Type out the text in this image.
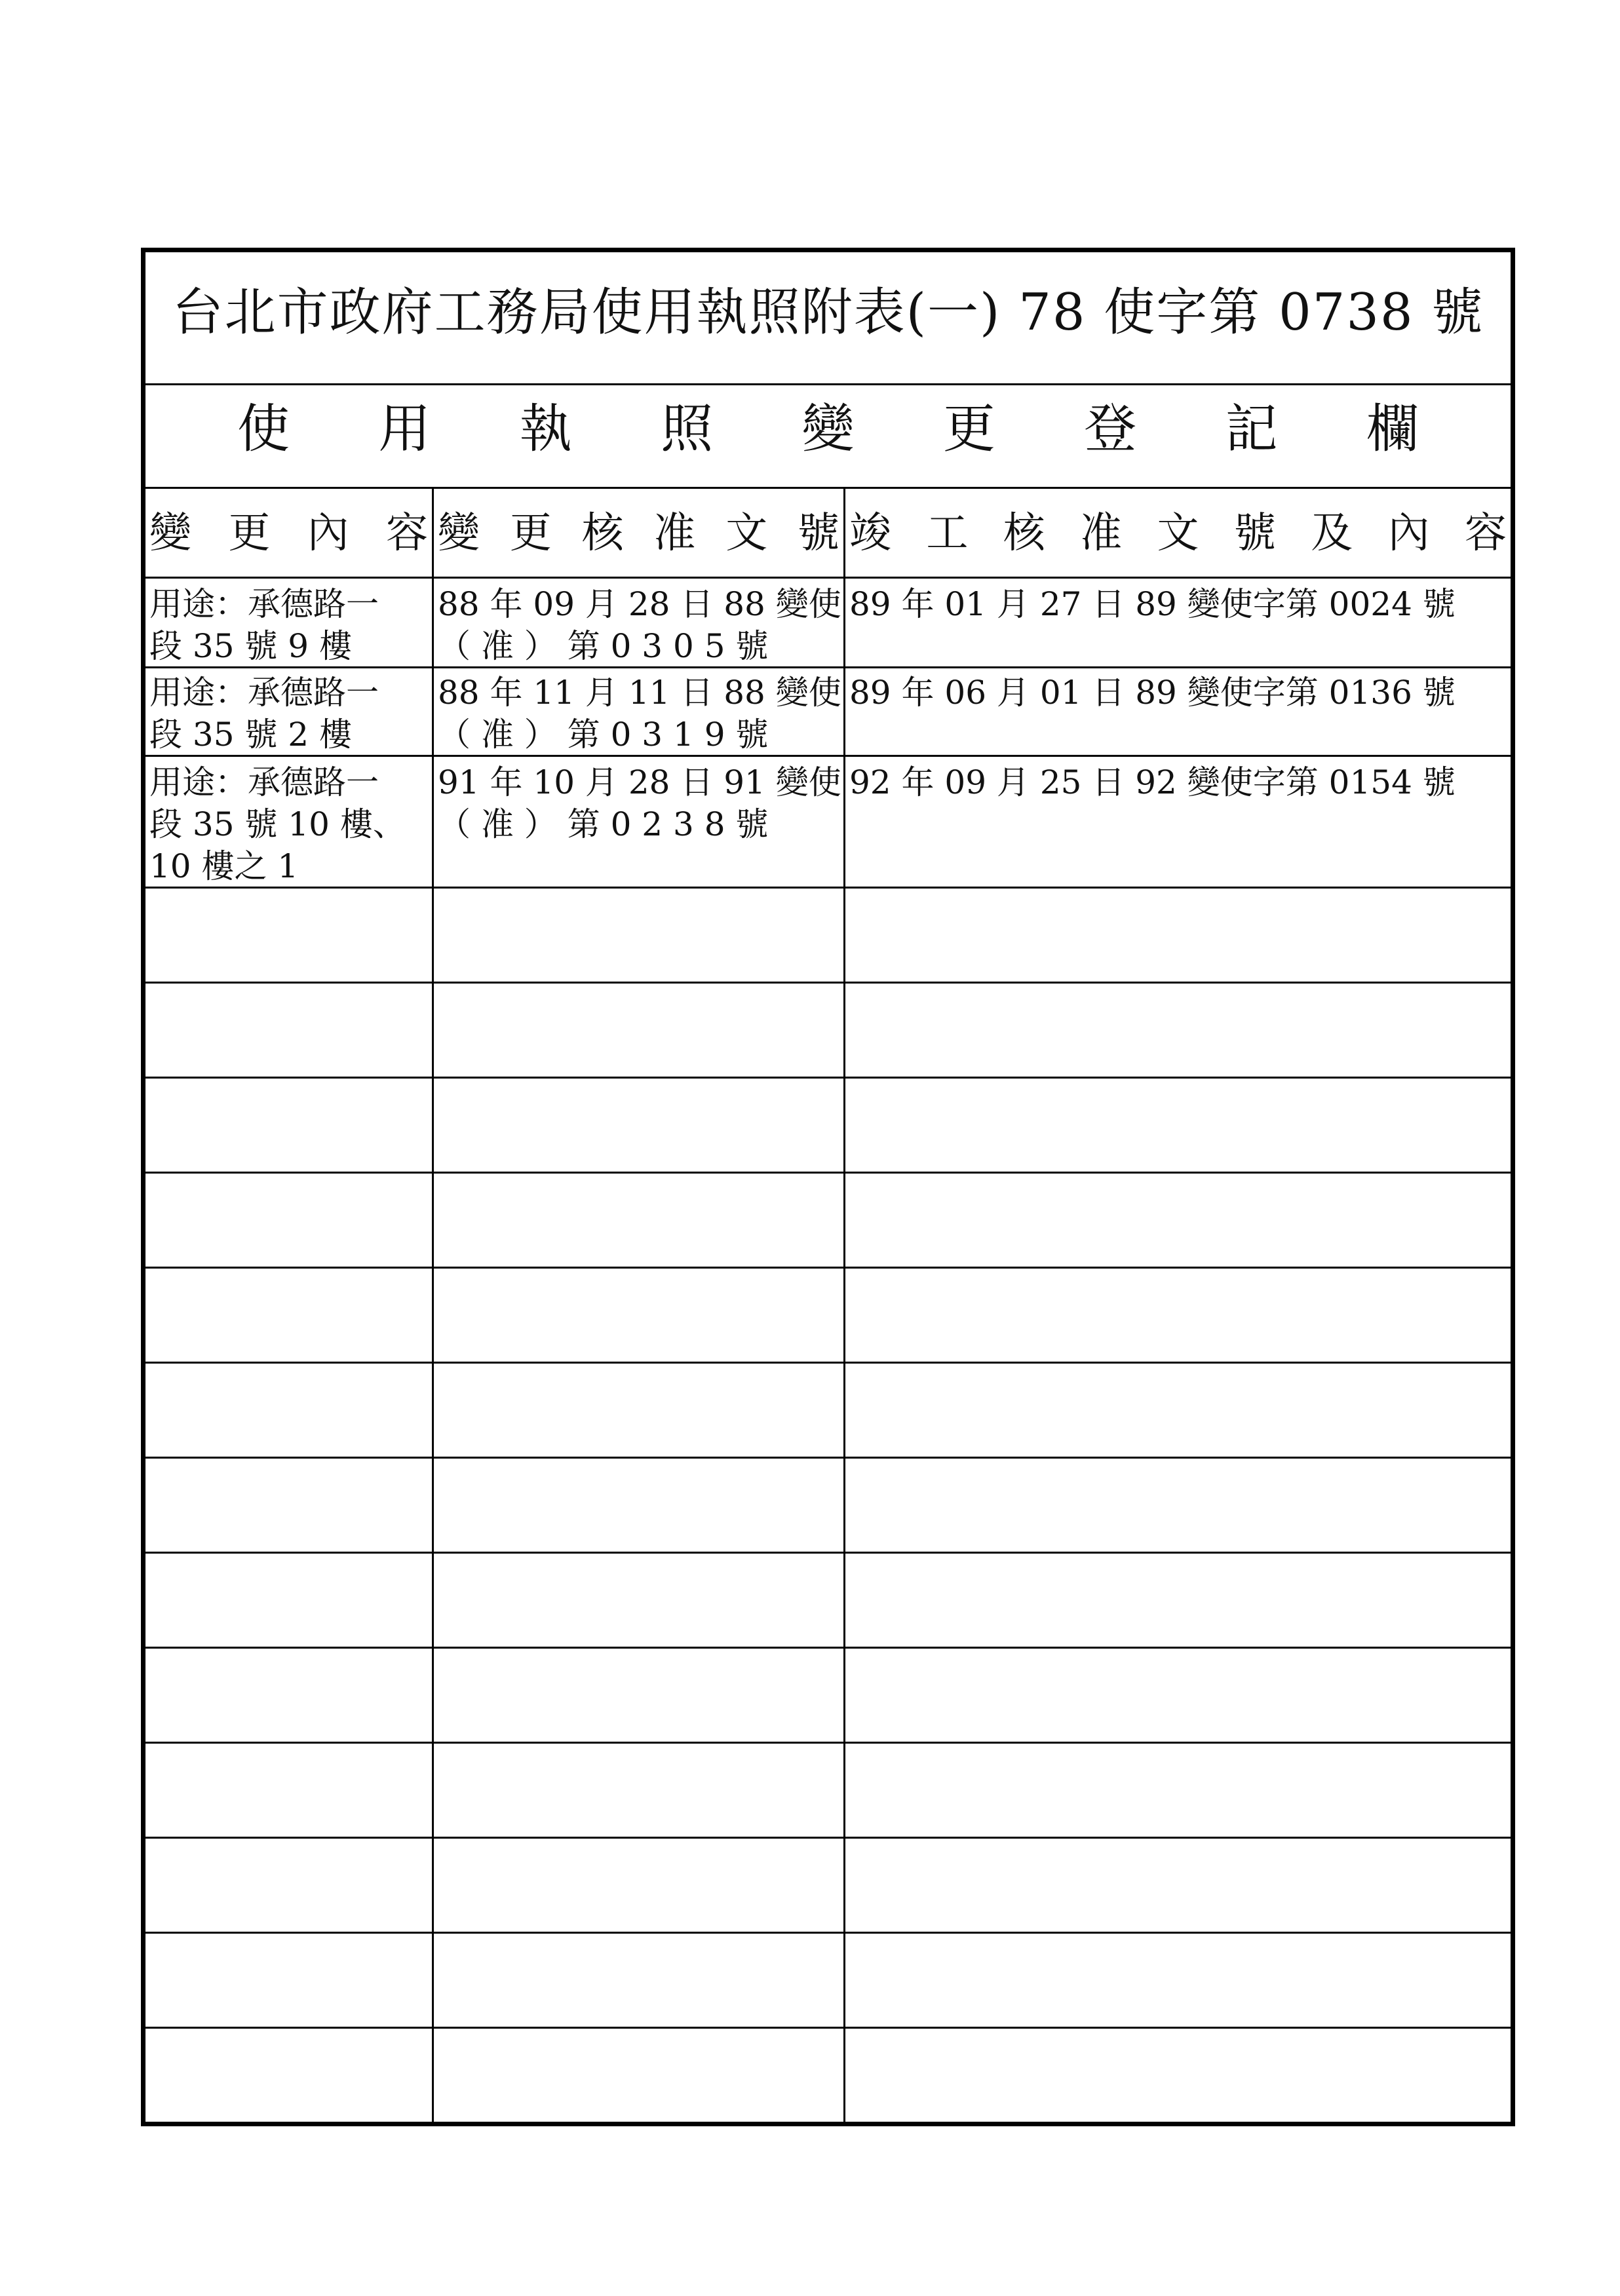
台北市政府工務局使用執照附表(一) 78 使字第 0738 號
使 用 執 照 變 更 登 記 欄
變 更 內 容 變 更 核 准 文 號 竣 工 核 准 文 號 及 內 容
用途：承德路一
段 35 號 9 樓
88 年 09 月 28 日 88 變使
（ 准 ） 第 0 3 0 5 號
89 年 01 月 27 日 89 變使字第 0024 號
用途：承德路一
段 35 號 2 樓
88 年 11 月 11 日 88 變使
（ 准 ） 第 0 3 1 9 號
89 年 06 月 01 日 89 變使字第 0136 號
用途：承德路一
段 35 號 10 樓、
10 樓之 1
91 年 10 月 28 日 91 變使
（ 准 ） 第 0 2 3 8 號
92 年 09 月 25 日 92 變使字第 0154 號
